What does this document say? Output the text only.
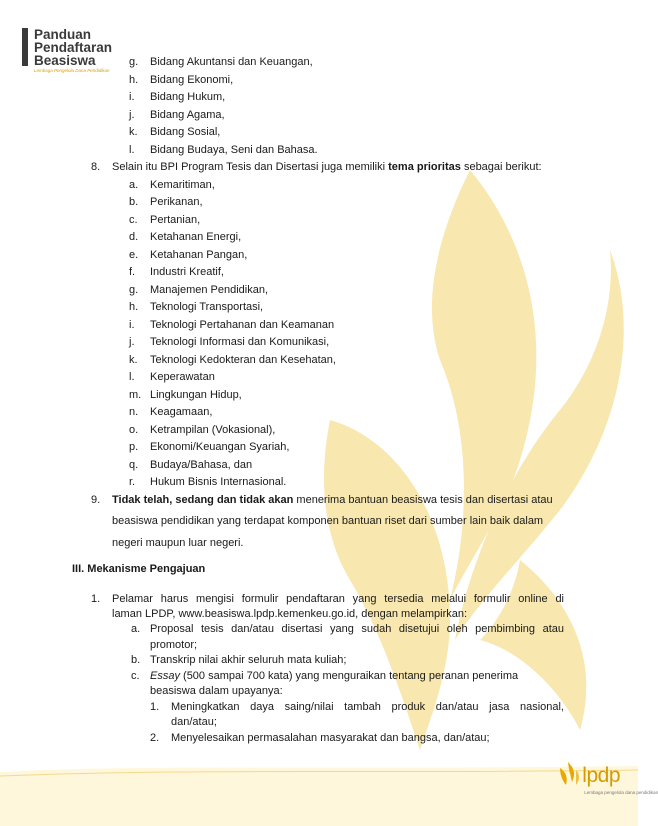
Panduan
Pendaftaran
Beasiswa
Lembaga Pengelola Dana Pendidikan
lpdp
Lembaga pengelola dana pendidikan
g. Bidang Akuntansi dan Keuangan,
h. Bidang Ekonomi,
i. Bidang Hukum,
j. Bidang Agama,
k. Bidang Sosial,
l. Bidang Budaya, Seni dan Bahasa.
8. Selain itu BPI Program Tesis dan Disertasi juga memiliki tema prioritas sebagai berikut:
a. Kemaritiman,
b. Perikanan,
c. Pertanian,
d. Ketahanan Energi,
e. Ketahanan Pangan,
f. Industri Kreatif,
g. Manajemen Pendidikan,
h. Teknologi Transportasi,
i. Teknologi Pertahanan dan Keamanan
j. Teknologi Informasi dan Komunikasi,
k. Teknologi Kedokteran dan Kesehatan,
l. Keperawatan
m. Lingkungan Hidup,
n. Keagamaan,
o. Ketrampilan (Vokasional),
p. Ekonomi/Keuangan Syariah,
q. Budaya/Bahasa, dan
r. Hukum Bisnis Internasional.
9. Tidak telah, sedang dan tidak akan menerima bantuan beasiswa tesis dan disertasi atau
beasiswa pendidikan yang terdapat komponen bantuan riset dari sumber lain baik dalam
negeri maupun luar negeri.
III. Mekanisme Pengajuan
1. Pelamar harus mengisi formulir pendaftaran yang tersedia melalui formulir online di
laman LPDP, www.beasiswa.lpdp.kemenkeu.go.id, dengan melampirkan:
a. Proposal tesis dan/atau disertasi yang sudah disetujui oleh pembimbing atau
promotor;
b. Transkrip nilai akhir seluruh mata kuliah;
c. Essay (500 sampai 700 kata) yang menguraikan tentang peranan penerima
beasiswa dalam upayanya:
1. Meningkatkan daya saing/nilai tambah produk dan/atau jasa nasional,
dan/atau;
2. Menyelesaikan permasalahan masyarakat dan bangsa, dan/atau;
